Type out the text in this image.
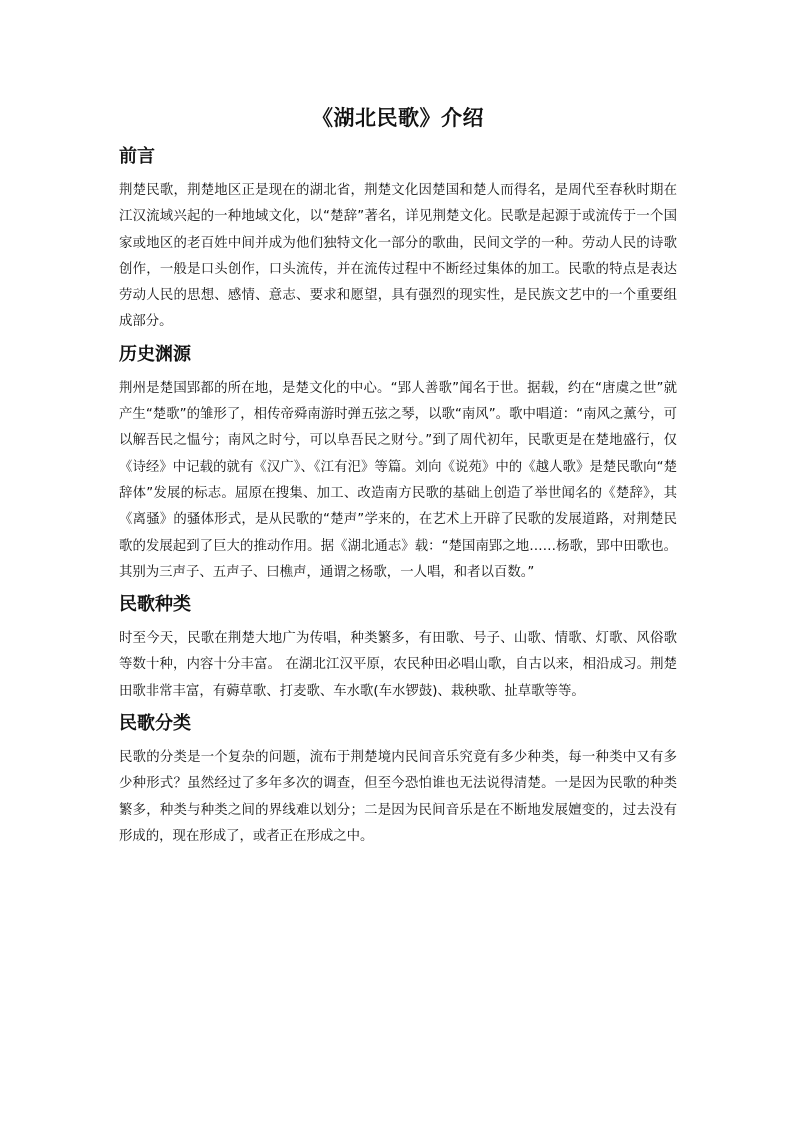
《湖北民歌》介绍
前言

荆楚民歌，荆楚地区正是现在的湖北省，荆楚文化因楚国和楚人而得名，是周代至春秋时期在江汉流域兴起的一种地域文化，以“楚辞”著名，详见荆楚文化。民歌是起源于或流传于一个国家或地区的老百姓中间并成为他们独特文化一部分的歌曲，民间文学的一种。劳动人民的诗歌创作，一般是口头创作，口头流传，并在流传过程中不断经过集体的加工。民歌的特点是表达劳动人民的思想、感情、意志、要求和愿望，具有强烈的现实性，是民族文艺中的一个重要组成部分。

历史渊源

荆州是楚国郢都的所在地，是楚文化的中心。“郢人善歌”闻名于世。据载，约在“唐虞之世”就产生“楚歌”的雏形了，相传帝舜南游时弹五弦之琴，以歌“南风”。歌中唱道：“南风之薰兮，可以解吾民之愠兮；南风之时兮，可以阜吾民之财兮。”到了周代初年，民歌更是在楚地盛行，仅《诗经》中记载的就有《汉广》、《江有汜》等篇。刘向《说苑》中的《越人歌》是楚民歌向“楚辞体”发展的标志。屈原在搜集、加工、改造南方民歌的基础上创造了举世闻名的《楚辞》，其《离骚》的骚体形式，是从民歌的“楚声”学来的，在艺术上开辟了民歌的发展道路，对荆楚民歌的发展起到了巨大的推动作用。据《湖北通志》载：“楚国南郢之地……杨歌，郢中田歌也。其别为三声子、五声子、曰樵声，通谓之杨歌，一人唱，和者以百数。”

民歌种类

时至今天，民歌在荆楚大地广为传唱，种类繁多，有田歌、号子、山歌、情歌、灯歌、风俗歌等数十种，内容十分丰富。 在湖北江汉平原，农民种田必唱山歌，自古以来，相沿成习。荆楚田歌非常丰富，有薅草歌、打麦歌、车水歌(车水锣鼓)、栽秧歌、扯草歌等等。

民歌分类

民歌的分类是一个复杂的问题，流布于荆楚境内民间音乐究竟有多少种类，每一种类中又有多少种形式？虽然经过了多年多次的调查，但至今恐怕谁也无法说得清楚。一是因为民歌的种类繁多，种类与种类之间的界线难以划分；二是因为民间音乐是在不断地发展嬗变的，过去没有形成的，现在形成了，或者正在形成之中。
